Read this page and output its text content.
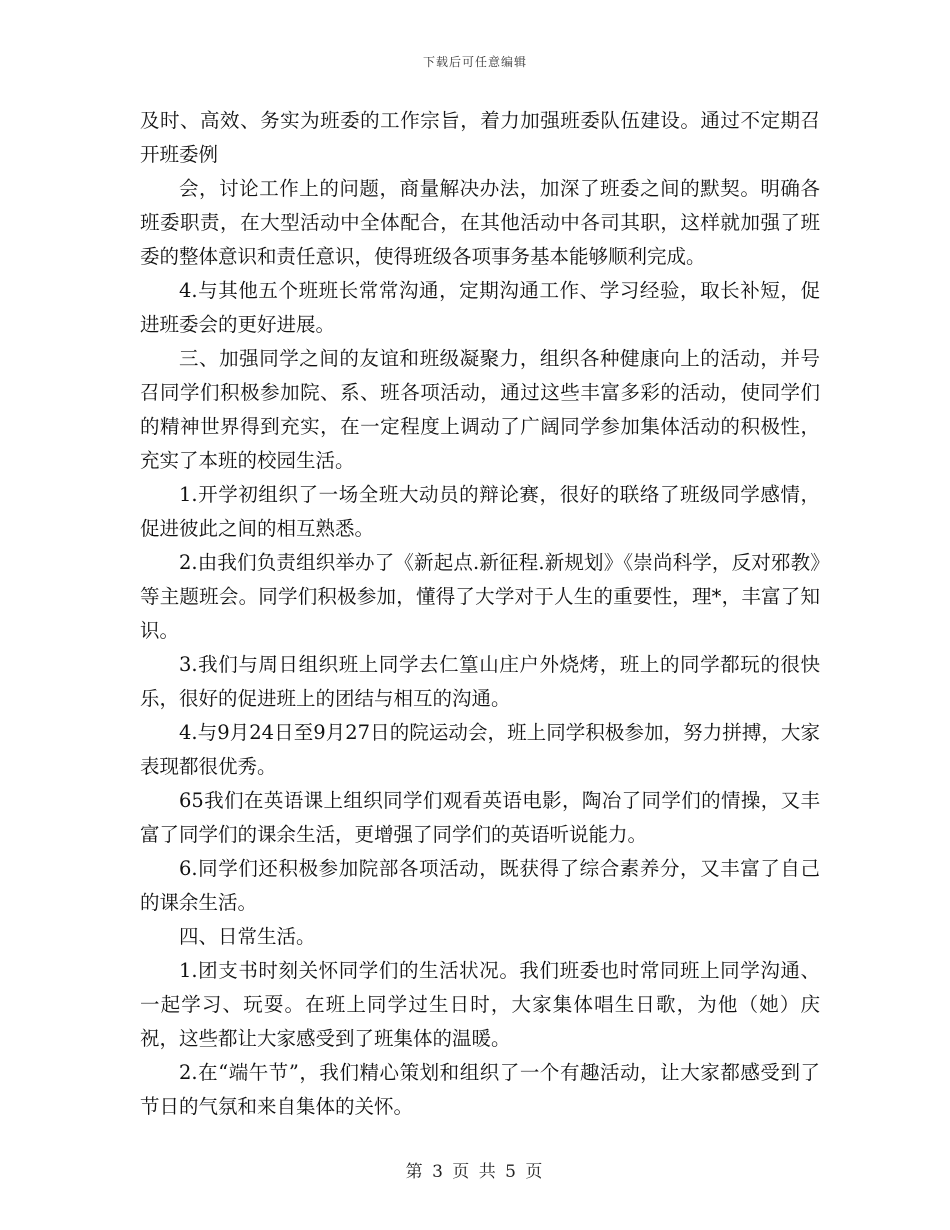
下载后可任意编辑

及时、高效、务实为班委的工作宗旨，着力加强班委队伍建设。通过不定期召开班委例

会，讨论工作上的问题，商量解决办法，加深了班委之间的默契。明确各班委职责，在大型活动中全体配合，在其他活动中各司其职，这样就加强了班委的整体意识和责任意识，使得班级各项事务基本能够顺利完成。

4.与其他五个班班长常常沟通，定期沟通工作、学习经验，取长补短，促进班委会的更好进展。

三、加强同学之间的友谊和班级凝聚力，组织各种健康向上的活动，并号召同学们积极参加院、系、班各项活动，通过这些丰富多彩的活动，使同学们的精神世界得到充实，在一定程度上调动了广阔同学参加集体活动的积极性，充实了本班的校园生活。

1.开学初组织了一场全班大动员的辩论赛，很好的联络了班级同学感情，促进彼此之间的相互熟悉。

2.由我们负责组织举办了《新起点.新征程.新规划》《崇尚科学，反对邪教》等主题班会。同学们积极参加，懂得了大学对于人生的重要性，理*，丰富了知识。

3.我们与周日组织班上同学去仁篁山庄户外烧烤，班上的同学都玩的很快乐，很好的促进班上的团结与相互的沟通。

4.与9月24日至9月27日的院运动会，班上同学积极参加，努力拼搏，大家表现都很优秀。

65我们在英语课上组织同学们观看英语电影，陶冶了同学们的情操，又丰富了同学们的课余生活，更增强了同学们的英语听说能力。

6.同学们还积极参加院部各项活动，既获得了综合素养分，又丰富了自己的课余生活。

四、日常生活。

1.团支书时刻关怀同学们的生活状况。我们班委也时常同班上同学沟通、一起学习、玩耍。在班上同学过生日时，大家集体唱生日歌，为他（她）庆祝，这些都让大家感受到了班集体的温暖。

2.在“端午节”，我们精心策划和组织了一个有趣活动，让大家都感受到了节日的气氛和来自集体的关怀。

第 3 页 共 5 页
